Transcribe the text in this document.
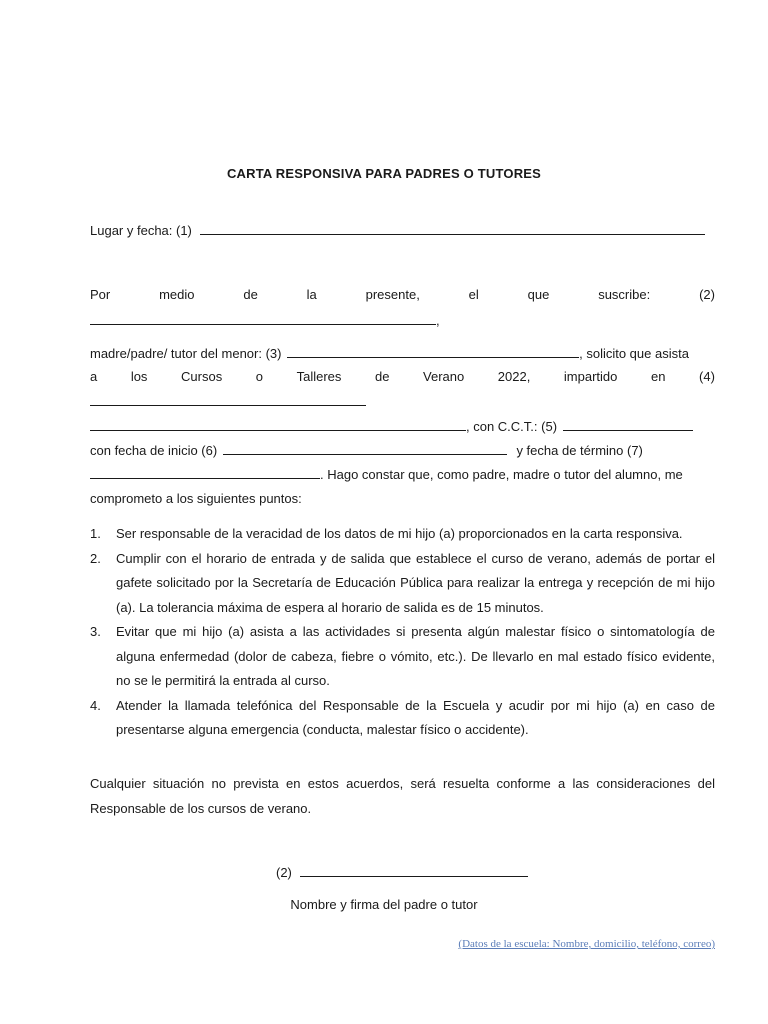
CARTA RESPONSIVA PARA PADRES O TUTORES
Lugar y fecha: (1)
Por	medio	de	la	presente,	el	que	suscribe:	(2)
,
madre/padre/ tutor del menor: (3)	, solicito que asista
a	los	Cursos	o	Talleres	de	Verano	2022,	impartido	en	(4)
, con C.C.T.: (5)
con fecha de inicio (6)	y fecha de término (7)
. Hago constar que, como padre, madre o tutor del alumno, me
comprometo a los siguientes puntos:
1. Ser responsable de la veracidad de los datos de mi hijo (a) proporcionados en la carta responsiva.
2. Cumplir con el horario de entrada y de salida que establece el curso de verano, además de portar el gafete solicitado por la Secretaría de Educación Pública para realizar la entrega y recepción de mi hijo (a). La tolerancia máxima de espera al horario de salida es de 15 minutos.
3. Evitar que mi hijo (a) asista a las actividades si presenta algún malestar físico o sintomatología de alguna enfermedad (dolor de cabeza, fiebre o vómito, etc.). De llevarlo en mal estado físico evidente, no se le permitirá la entrada al curso.
4. Atender la llamada telefónica del Responsable de la Escuela y acudir por mi hijo (a) en caso de presentarse alguna emergencia (conducta, malestar físico o accidente).
Cualquier situación no prevista en estos acuerdos, será resuelta conforme a las consideraciones del Responsable de los cursos de verano.
(2)
Nombre y firma del padre o tutor
(Datos de la escuela: Nombre, domicilio, teléfono, correo)
